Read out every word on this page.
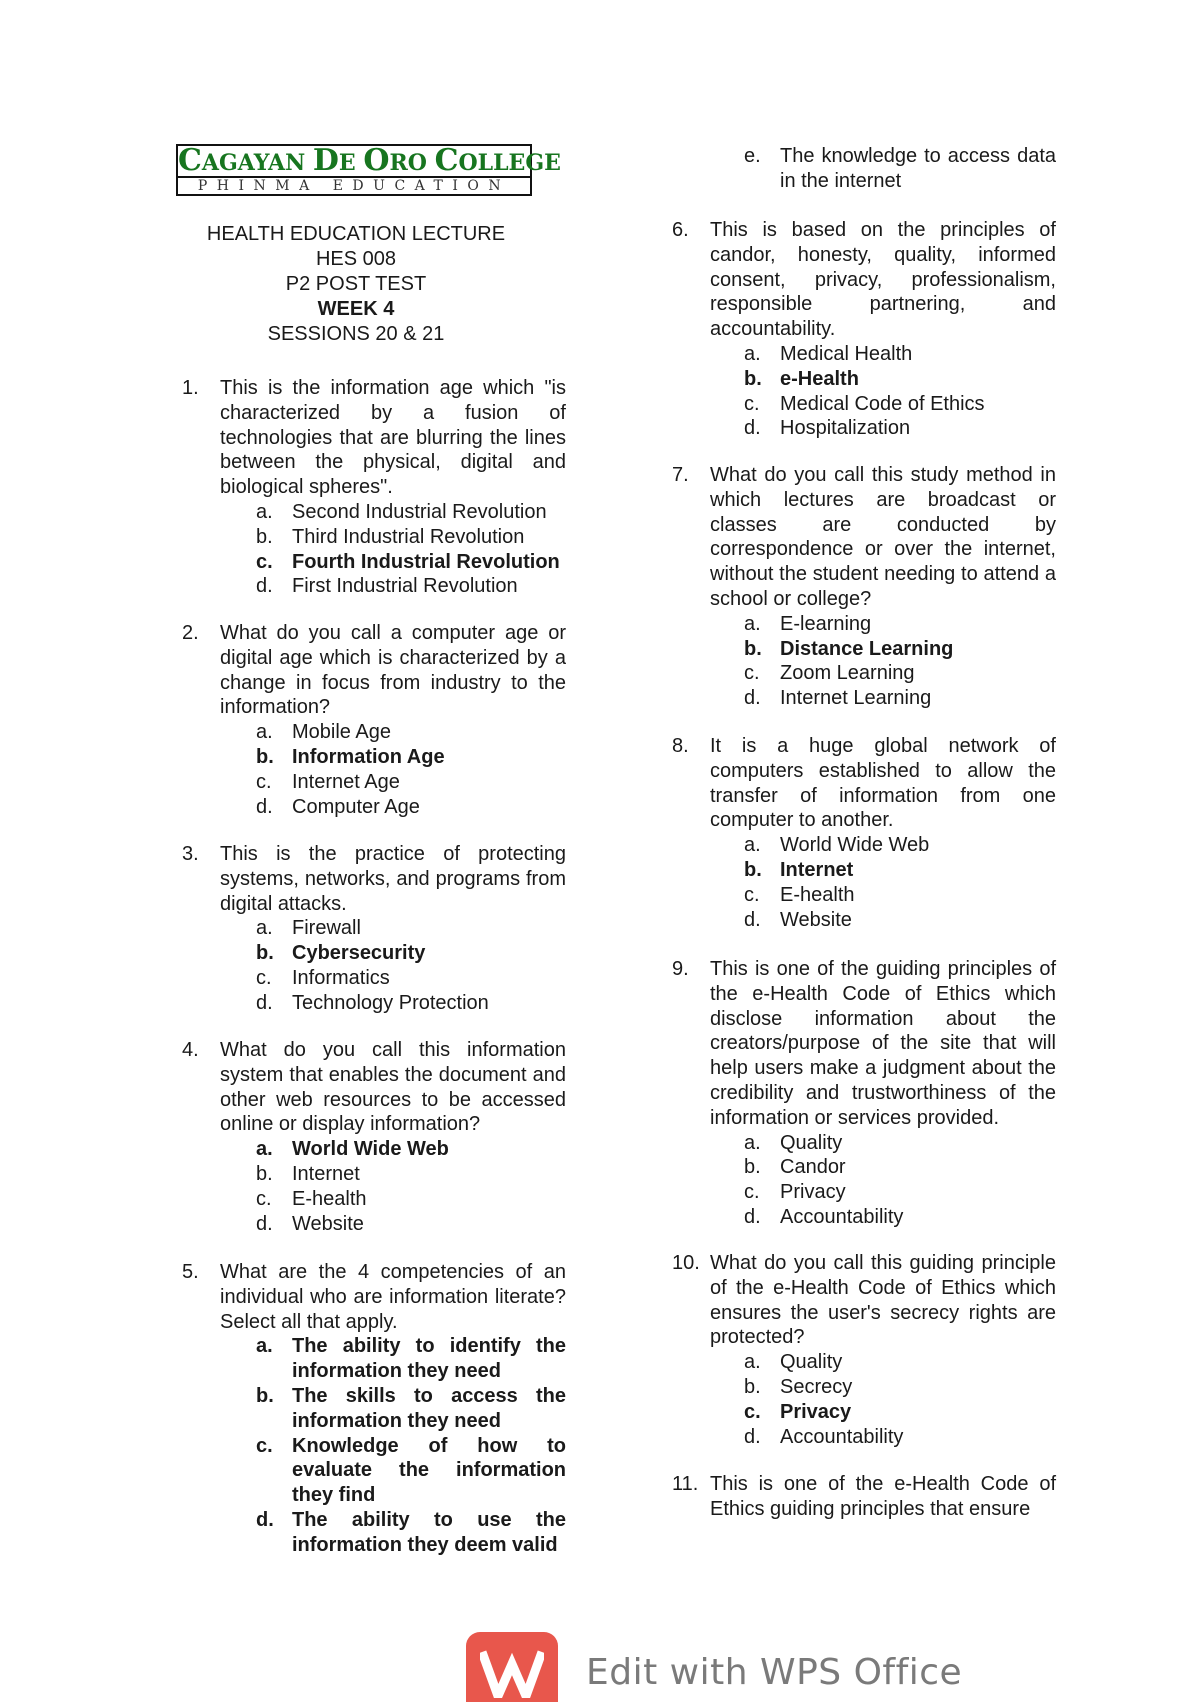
CAGAYAN DE ORO COLLEGE
PHINMA EDUCATION
HEALTH EDUCATION LECTURE
HES 008
P2 POST TEST
WEEK 4
SESSIONS 20 & 21
1. This is the information age which "is characterized by a fusion of technologies that are blurring the lines between the physical, digital and biological spheres".
a. Second Industrial Revolution
b. Third Industrial Revolution
c. Fourth Industrial Revolution
d. First Industrial Revolution
2. What do you call a computer age or digital age which is characterized by a change in focus from industry to the information?
a. Mobile Age
b. Information Age
c.	Internet Age
d. Computer Age
3. This is the practice of protecting systems, networks, and programs from digital attacks.
a. Firewall
b. Cybersecurity
c.	Informatics
d. Technology Protection
4. What do you call this information system that enables the document and other web resources to be accessed online or display information?
a. World Wide Web
b. Internet
c.	E-health
d. Website
5. What are the 4 competencies of an individual who are information literate? Select all that apply.
a. The ability to identify the information they need
b. The skills to access the information they need
c. Knowledge of how to evaluate the information they find
d. The ability to use the information they deem valid
e. The knowledge to access data in the internet
6. This is based on the principles of candor, honesty, quality, informed consent, privacy, professionalism, responsible partnering, and accountability.
a. Medical Health
b. e-Health
c.	Medical Code of Ethics
d. Hospitalization
7. What do you call this study method in which lectures are broadcast or classes are conducted by correspondence or over the internet, without the student needing to attend a school or college?
a. E-learning
b. Distance Learning
c.	Zoom Learning
d. Internet Learning
8. It is a huge global network of computers established to allow the transfer of information from one computer to another.
a. World Wide Web
b. Internet
c.	E-health
d. Website
9. This is one of the guiding principles of the e-Health Code of Ethics which disclose information about the creators/purpose of the site that will help users make a judgment about the credibility and trustworthiness of the information or services provided.
a. Quality
b. Candor
c.	Privacy
d. Accountability
10. What do you call this guiding principle of the e-Health Code of Ethics which ensures the user's secrecy rights are protected?
a. Quality
b. Secrecy
c. Privacy
d. Accountability
11. This is one of the e-Health Code of Ethics guiding principles that ensure
Edit with WPS Office
